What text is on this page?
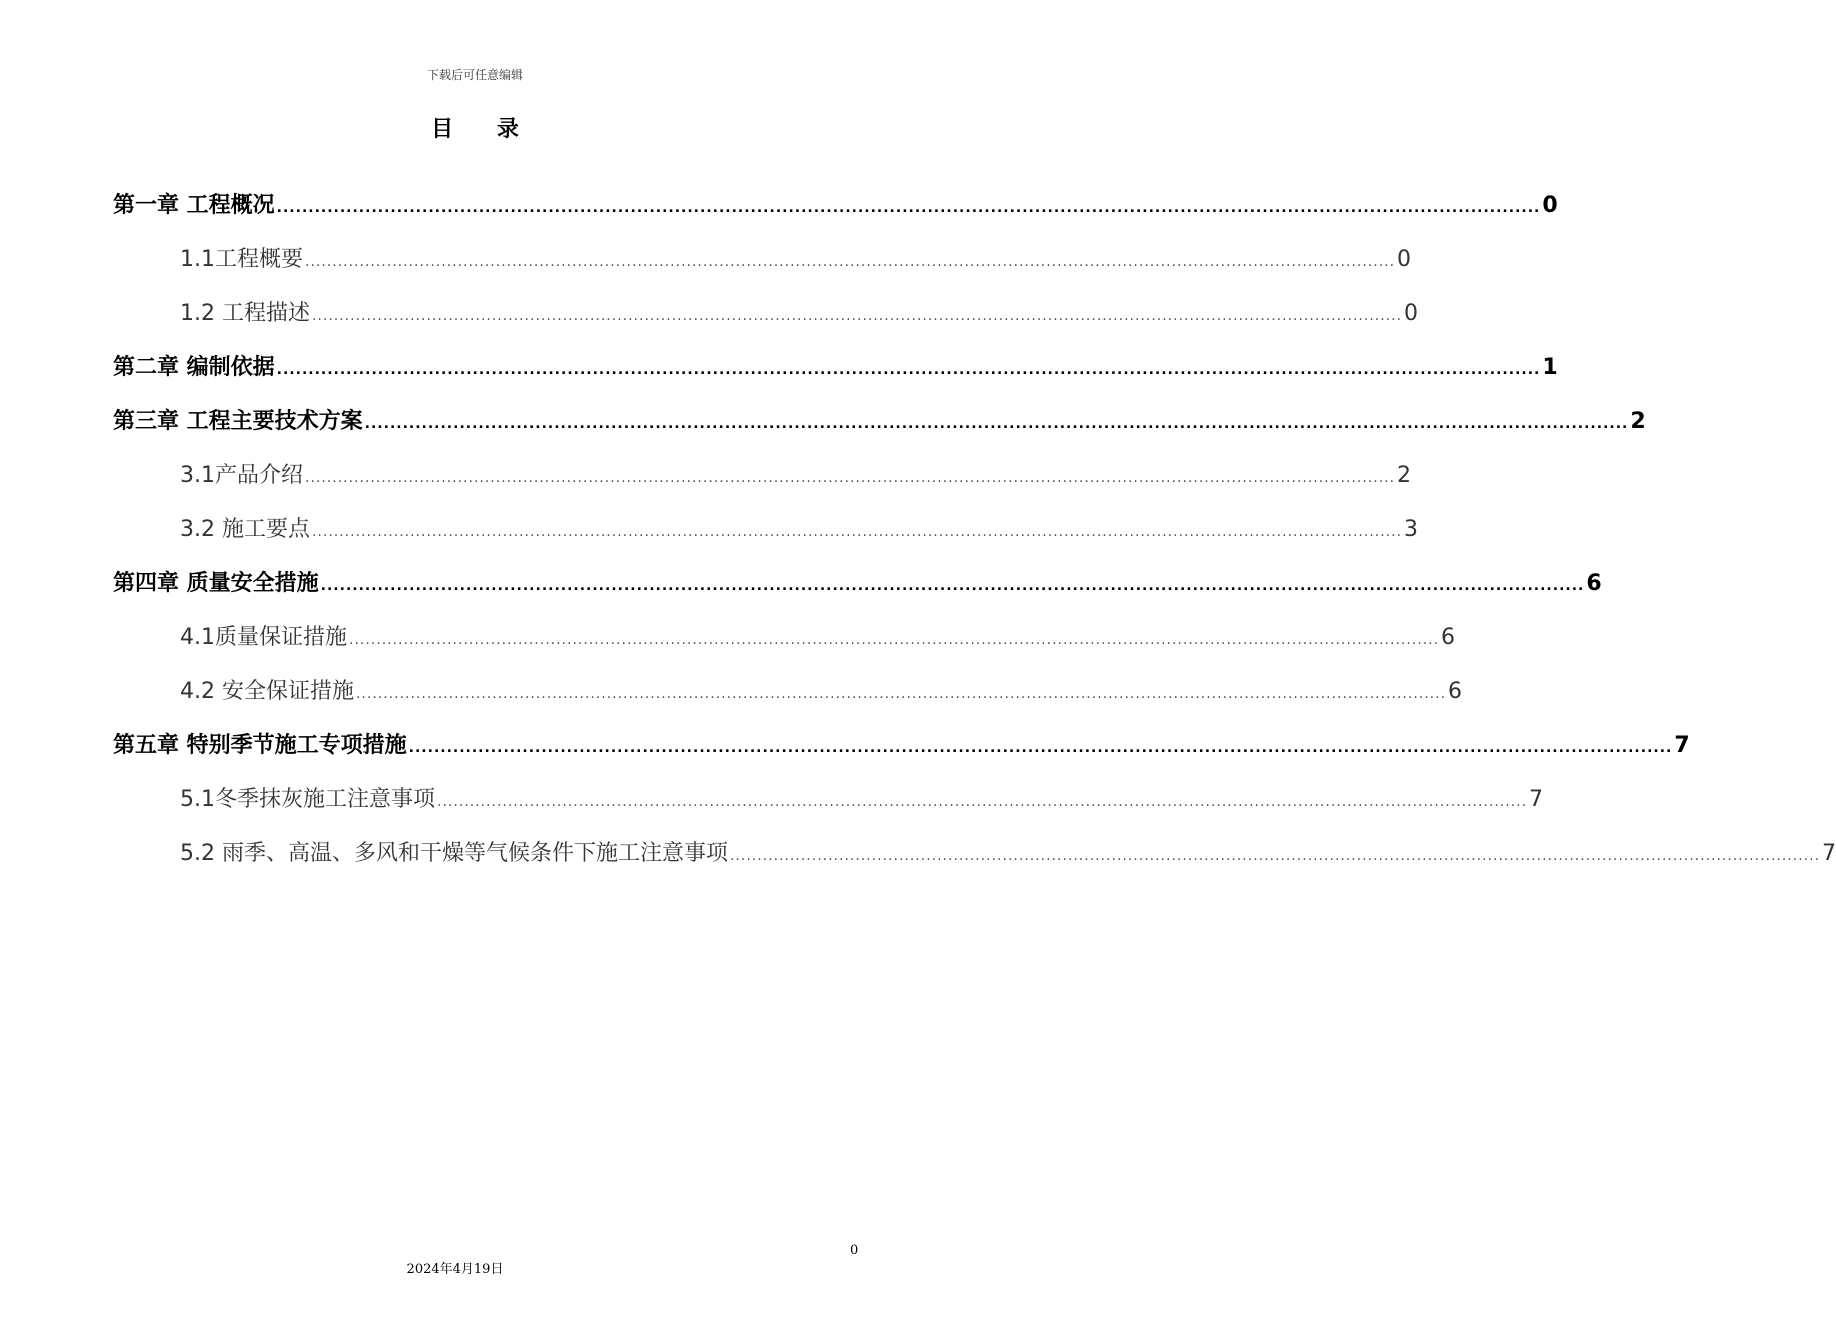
下载后可任意编辑
目 录
第一章 工程概况 ........................................................................................................................................................................................................ 0
1.1工程概要 ........................................................................................................................................................................................................ 0
1.2 工程描述 ........................................................................................................................................................................................................ 0
第二章 编制依据 ........................................................................................................................................................................................................ 1
第三章 工程主要技术方案 ........................................................................................................................................................................................................ 2
3.1产品介绍 ........................................................................................................................................................................................................ 2
3.2 施工要点 ........................................................................................................................................................................................................ 3
第四章 质量安全措施 ........................................................................................................................................................................................................ 6
4.1质量保证措施 ........................................................................................................................................................................................................ 6
4.2 安全保证措施 ........................................................................................................................................................................................................ 6
第五章 特别季节施工专项措施 ........................................................................................................................................................................................................ 7
5.1冬季抹灰施工注意事项 ........................................................................................................................................................................................................ 7
5.2 雨季、高温、多风和干燥等气候条件下施工注意事项 ........................................................................................................................................................................................................ 7
0
2024年4月19日
